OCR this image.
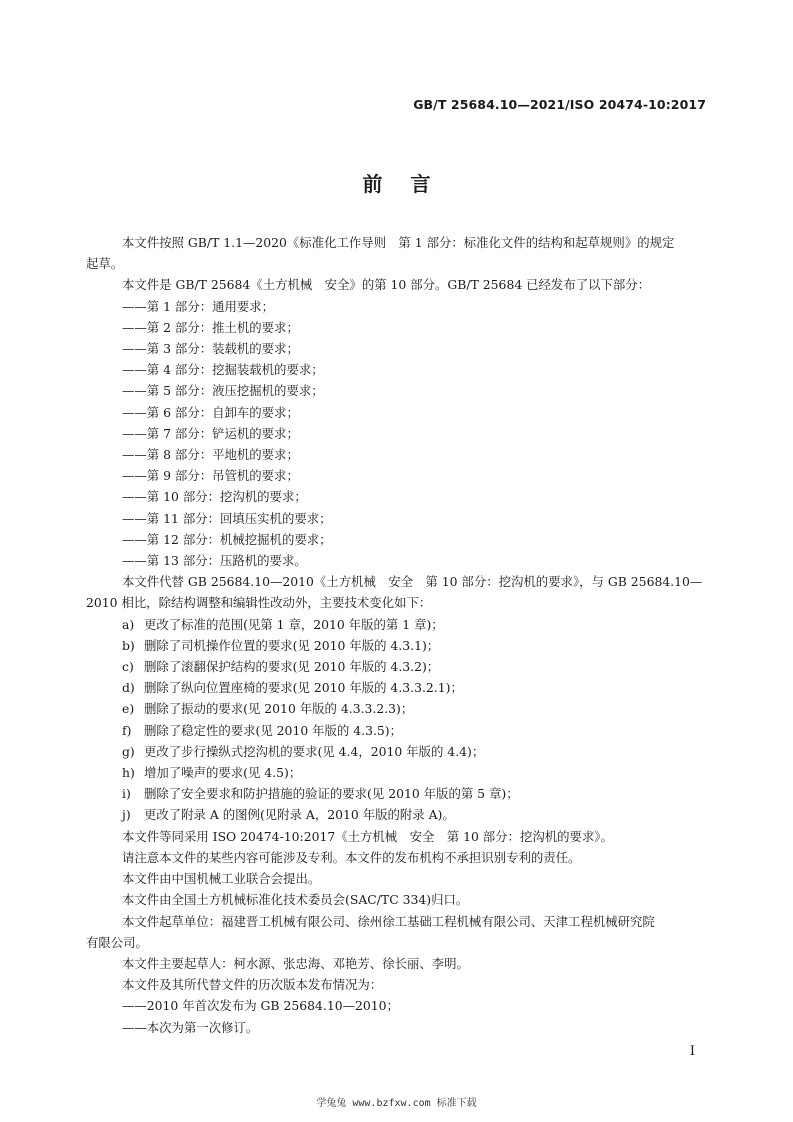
GB/T 25684.10—2021/ISO 20474-10:2017
前言

本文件按照 GB/T 1.1—2020《标准化工作导则　第 1 部分：标准化文件的结构和起草规则》的规定

起草。

本文件是 GB/T 25684《土方机械　安全》的第 10 部分。GB/T 25684 已经发布了以下部分：

——第 1 部分：通用要求；

——第 2 部分：推土机的要求；

——第 3 部分：装载机的要求；

——第 4 部分：挖掘装载机的要求；

——第 5 部分：液压挖掘机的要求；

——第 6 部分：自卸车的要求；

——第 7 部分：铲运机的要求；

——第 8 部分：平地机的要求；

——第 9 部分：吊管机的要求；

——第 10 部分：挖沟机的要求；

——第 11 部分：回填压实机的要求；

——第 12 部分：机械挖掘机的要求；

——第 13 部分：压路机的要求。

本文件代替 GB 25684.10—2010《土方机械　安全　第 10 部分：挖沟机的要求》，与 GB 25684.10—

2010 相比，除结构调整和编辑性改动外，主要技术变化如下：

a) 更改了标准的范围(见第 1 章，2010 年版的第 1 章)；

b) 删除了司机操作位置的要求(见 2010 年版的 4.3.1)；

c) 删除了滚翻保护结构的要求(见 2010 年版的 4.3.2)；

d) 删除了纵向位置座椅的要求(见 2010 年版的 4.3.3.2.1)；

e) 删除了振动的要求(见 2010 年版的 4.3.3.2.3)；

f) 删除了稳定性的要求(见 2010 年版的 4.3.5)；

g) 更改了步行操纵式挖沟机的要求(见 4.4，2010 年版的 4.4)；

h) 增加了噪声的要求(见 4.5)；

i) 删除了安全要求和防护措施的验证的要求(见 2010 年版的第 5 章)；

j) 更改了附录 A 的图例(见附录 A，2010 年版的附录 A)。

本文件等同采用 ISO 20474-10:2017《土方机械　安全　第 10 部分：挖沟机的要求》。

请注意本文件的某些内容可能涉及专利。本文件的发布机构不承担识别专利的责任。

本文件由中国机械工业联合会提出。

本文件由全国土方机械标准化技术委员会(SAC/TC 334)归口。

本文件起草单位：福建晋工机械有限公司、徐州徐工基础工程机械有限公司、天津工程机械研究院

有限公司。

本文件主要起草人：柯水源、张忠海、邓艳芳、徐长丽、李明。

本文件及其所代替文件的历次版本发布情况为：

——2010 年首次发布为 GB 25684.10—2010；

——本次为第一次修订。

I
学兔兔 www.bzfxw.com 标准下载
